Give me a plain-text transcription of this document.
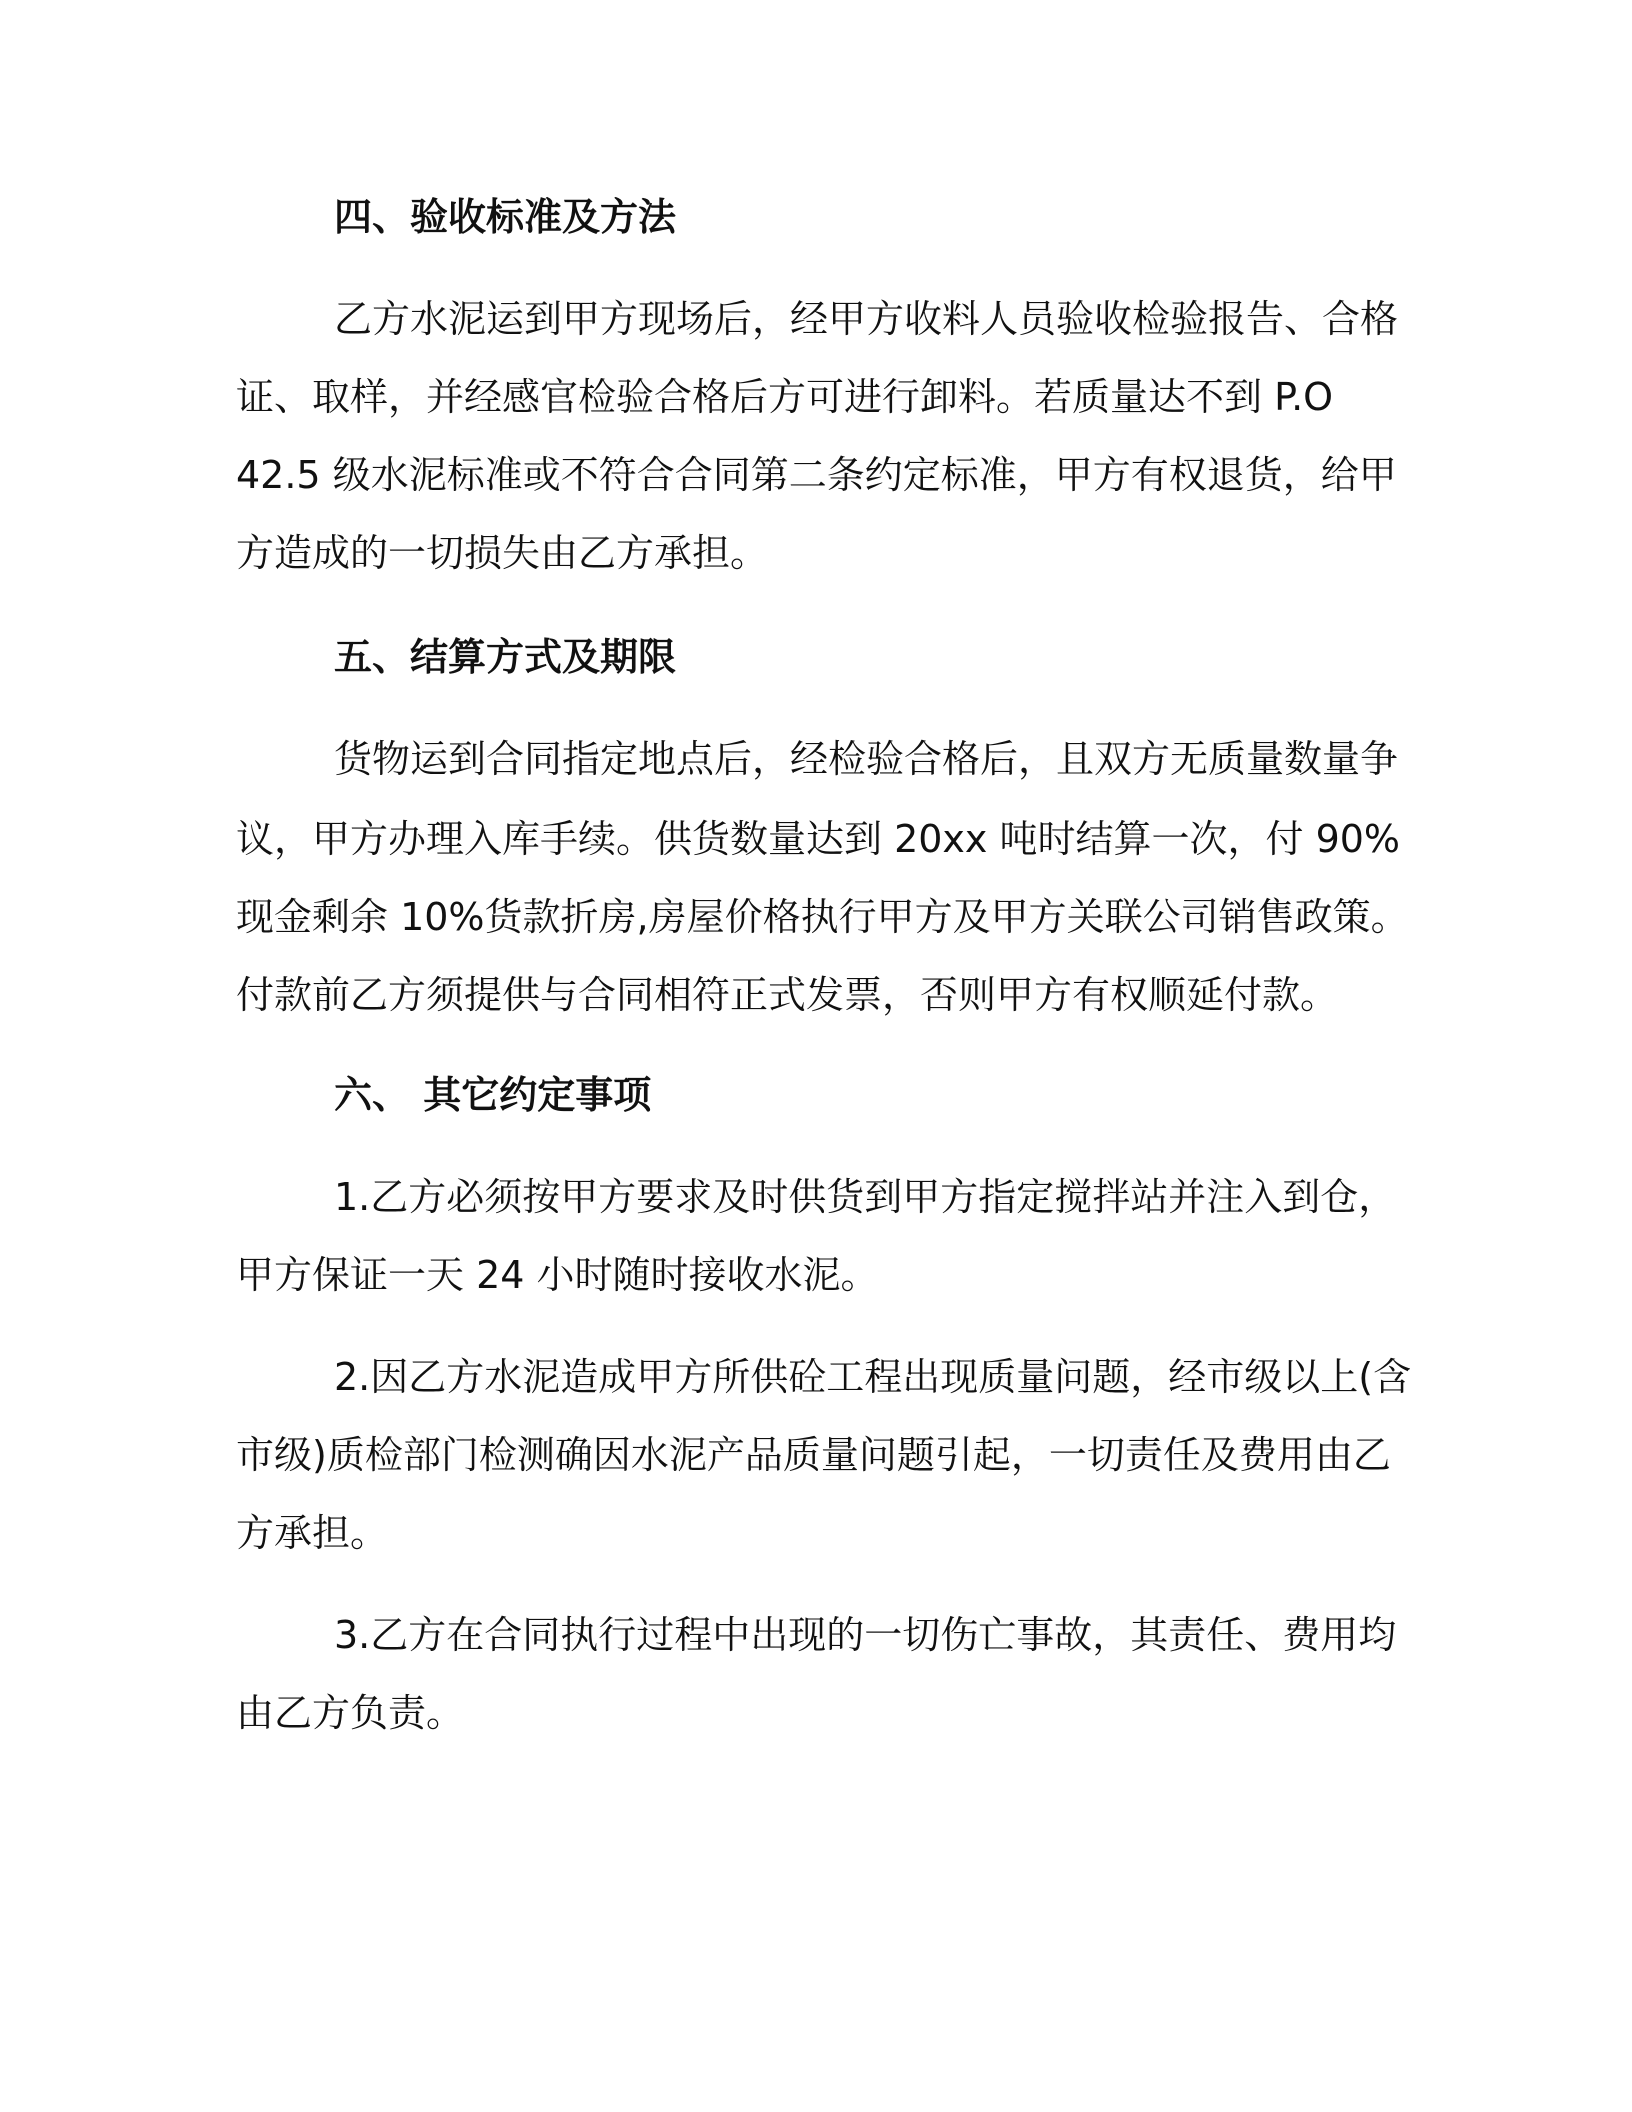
四、验收标准及方法
乙方水泥运到甲方现场后，经甲方收料人员验收检验报告、合格
证、取样，并经感官检验合格后方可进行卸料。若质量达不到 P.O
42.5 级水泥标准或不符合合同第二条约定标准，甲方有权退货，给甲
方造成的一切损失由乙方承担。
五、结算方式及期限
货物运到合同指定地点后，经检验合格后，且双方无质量数量争
议，甲方办理入库手续。供货数量达到 20xx 吨时结算一次，付 90%
现金剩余 10%货款折房,房屋价格执行甲方及甲方关联公司销售政策。
付款前乙方须提供与合同相符正式发票，否则甲方有权顺延付款。
六、 其它约定事项
1.乙方必须按甲方要求及时供货到甲方指定搅拌站并注入到仓，
甲方保证一天 24 小时随时接收水泥。
2.因乙方水泥造成甲方所供砼工程出现质量问题，经市级以上(含
市级)质检部门检测确因水泥产品质量问题引起，一切责任及费用由乙
方承担。
3.乙方在合同执行过程中出现的一切伤亡事故，其责任、费用均
由乙方负责。
